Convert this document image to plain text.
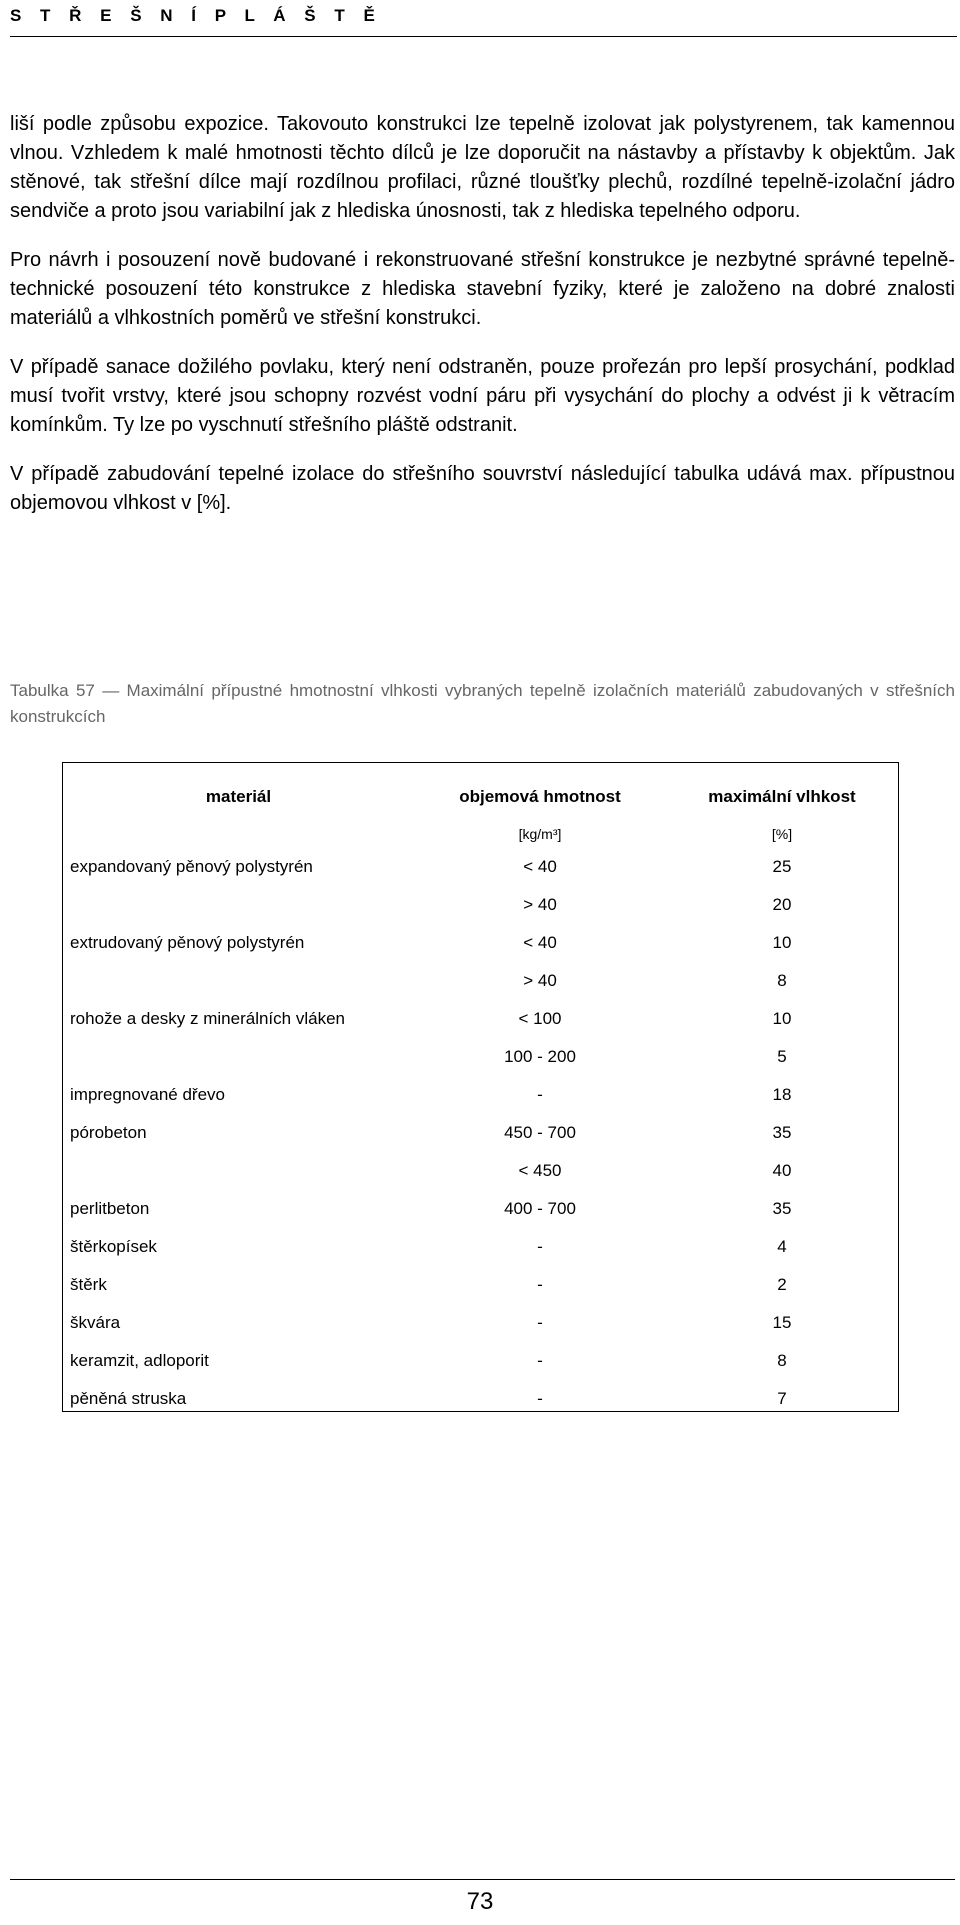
S T Ř E Š N Í P L Á Š T Ě

liší podle způsobu expozice. Takovouto konstrukci lze tepelně izolovat jak polystyrenem, tak kamennou vlnou. Vzhledem k malé hmotnosti těchto dílců je lze doporučit na nástavby a přístavby k objektům. Jak stěnové, tak střešní dílce mají rozdílnou profilaci, různé tloušťky plechů, rozdílné tepelně-izolační jádro sendviče a proto jsou variabilní jak z hlediska únosnosti, tak z hlediska tepelného odporu.

Pro návrh i posouzení nově budované i rekonstruované střešní konstrukce je nezbytné správné tepelně-technické posouzení této konstrukce z hlediska stavební fyziky, které je založeno na dobré znalosti materiálů a vlhkostních poměrů ve střešní konstrukci.

V případě sanace dožilého povlaku, který není odstraněn, pouze prořezán pro lepší prosychání, podklad musí tvořit vrstvy, které jsou schopny rozvést vodní páru při vysychání do plochy a odvést ji k větracím komínkům. Ty lze po vyschnutí střešního pláště odstranit.

V případě zabudování tepelné izolace do střešního souvrství následující tabulka udává max. přípustnou objemovou vlhkost v [%].

Tabulka 57 — Maximální přípustné hmotnostní vlhkosti vybraných tepelně izolačních materiálů zabudovaných v střešních konstrukcích
materiál	objemová hmotnost	maximální vlhkost
	[kg/m³]	[%]
expandovaný pěnový polystyrén	< 40	25
	> 40	20
extrudovaný pěnový polystyrén	< 40	10
	> 40	8
rohože a desky z minerálních vláken	< 100	10
	100 - 200	5
impregnované dřevo	-	18
pórobeton	450 - 700	35
	< 450	40
perlitbeton	400 - 700	35
štěrkopísek	-	4
štěrk	-	2
škvára	-	15
keramzit, adloporit	-	8
pěněná struska	-	7
73
